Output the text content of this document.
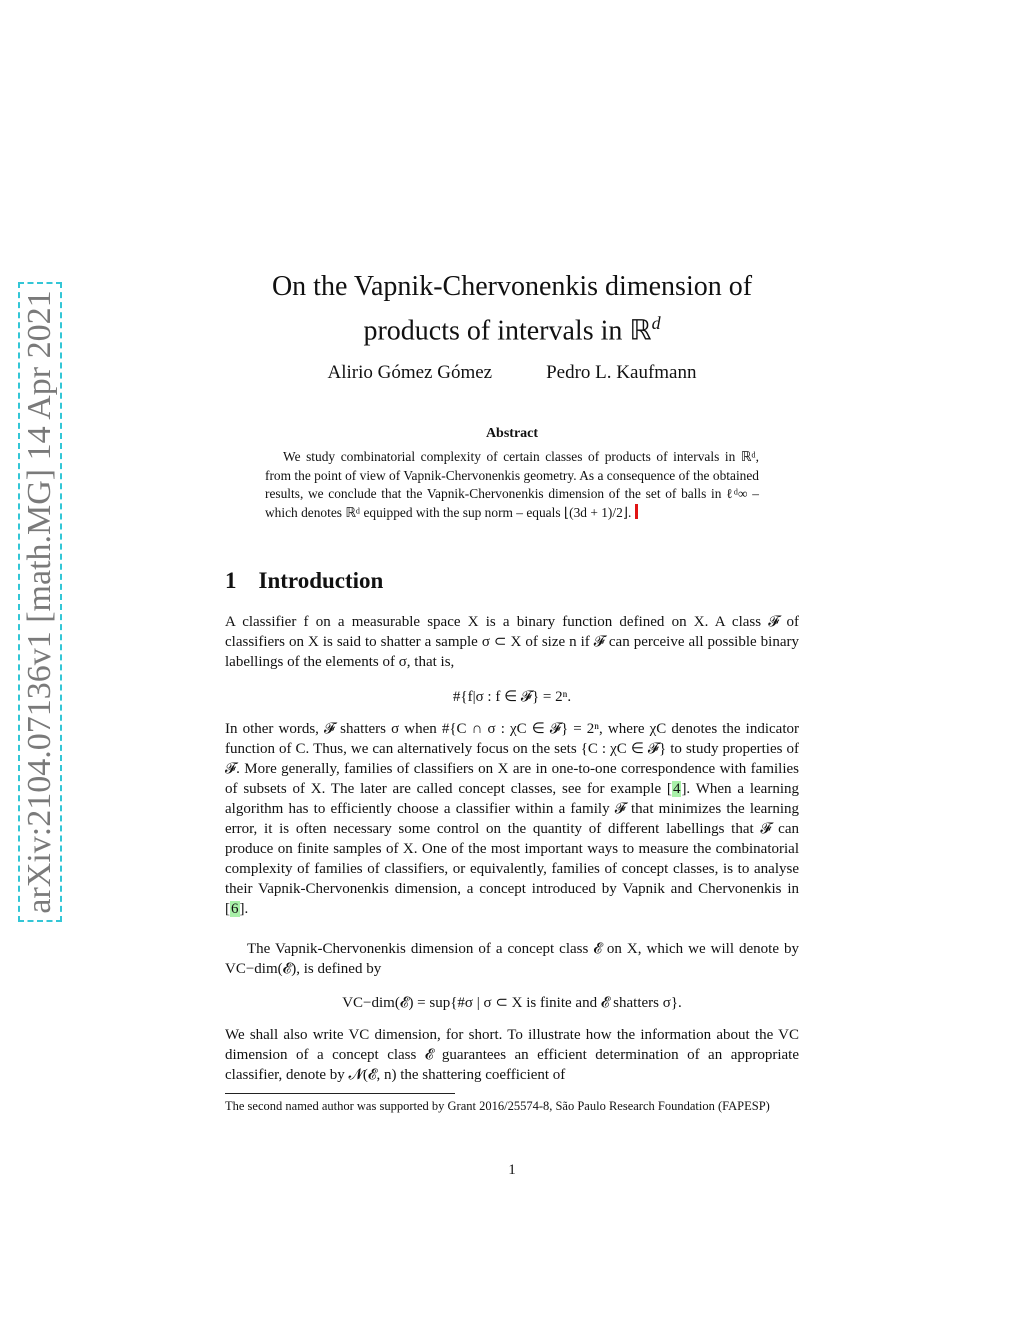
arXiv:2104.07136v1 [math.MG] 14 Apr 2021
On the Vapnik-Chervonenkis dimension of
products of intervals in ℝ$^d$
Alirio Gómez Gómez	Pedro L. Kaufmann
Abstract
We study combinatorial complexity of certain classes of products of intervals in ℝᵈ, from the point of view of Vapnik-Chervonenkis geometry. As a consequence of the obtained results, we conclude that the Vapnik-Chervonenkis dimension of the set of balls in ℓᵈ∞ – which denotes ℝᵈ equipped with the sup norm – equals ⌊(3d + 1)/2⌋.
1 Introduction
A classifier f on a measurable space X is a binary function defined on X. A class 𝓕 of classifiers on X is said to shatter a sample σ ⊂ X of size n if 𝓕 can perceive all possible binary labellings of the elements of σ, that is,
#{f|σ : f ∈ 𝓕} = 2ⁿ.
In other words, 𝓕 shatters σ when #{C ∩ σ : χC ∈ 𝓕} = 2ⁿ, where χC denotes the indicator function of C. Thus, we can alternatively focus on the sets {C : χC ∈ 𝓕} to study properties of 𝓕. More generally, families of classifiers on X are in one-to-one correspondence with families of subsets of X. The later are called concept classes, see for example [4]. When a learning algorithm has to efficiently choose a classifier within a family 𝓕 that minimizes the learning error, it is often necessary some control on the quantity of different labellings that 𝓕 can produce on finite samples of X. One of the most important ways to measure the combinatorial complexity of families of classifiers, or equivalently, families of concept classes, is to analyse their Vapnik-Chervonenkis dimension, a concept introduced by Vapnik and Chervonenkis in [6].
The Vapnik-Chervonenkis dimension of a concept class 𝓔 on X, which we will denote by VC−dim(𝓔), is defined by
VC−dim(𝓔) = sup{#σ | σ ⊂ X is finite and 𝓔 shatters σ}.
We shall also write VC dimension, for short. To illustrate how the information about the VC dimension of a concept class 𝓔 guarantees an efficient determination of an appropriate classifier, denote by 𝓝(𝓔, n) the shattering coefficient of
The second named author was supported by Grant 2016/25574-8, São Paulo Research Foundation (FAPESP)
1
